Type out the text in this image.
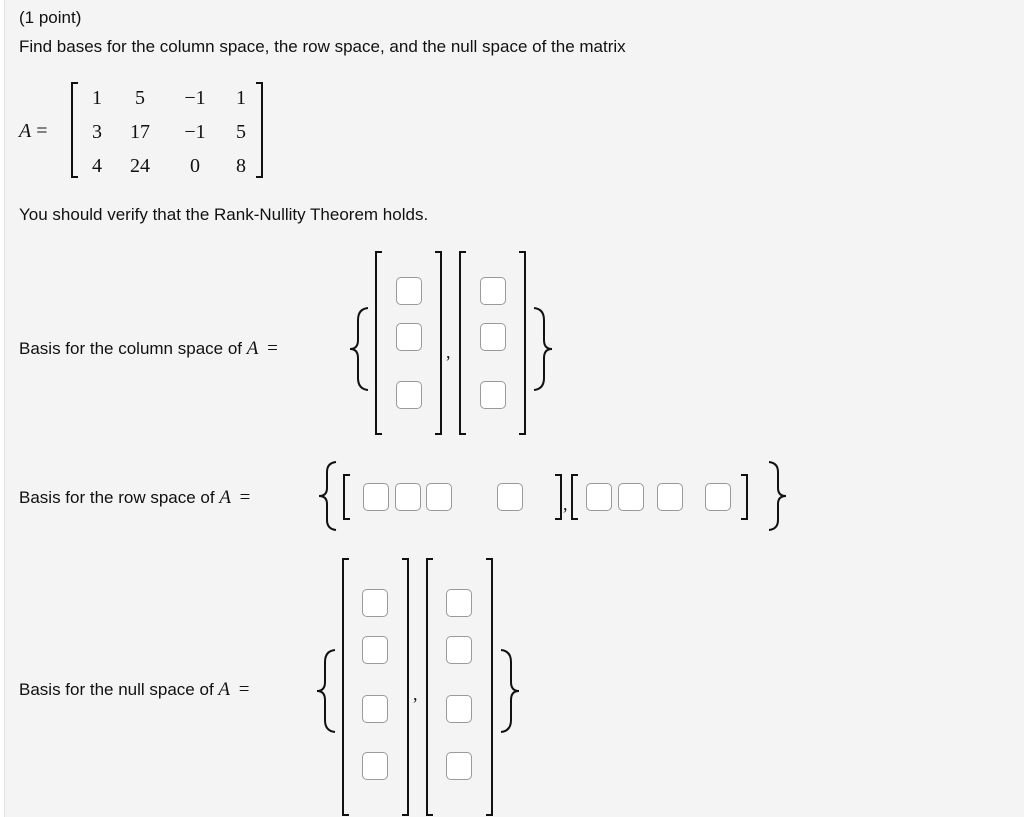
(1 point)
Find bases for the column space, the row space, and the null space of the matrix
A =
1	5	−1	1
3	17	−1	5
4	24	0	8
You should verify that the Rank-Nullity Theorem holds.
Basis for the column space of A =	,
Basis for the row space of A =	,
Basis for the null space of A =	,
